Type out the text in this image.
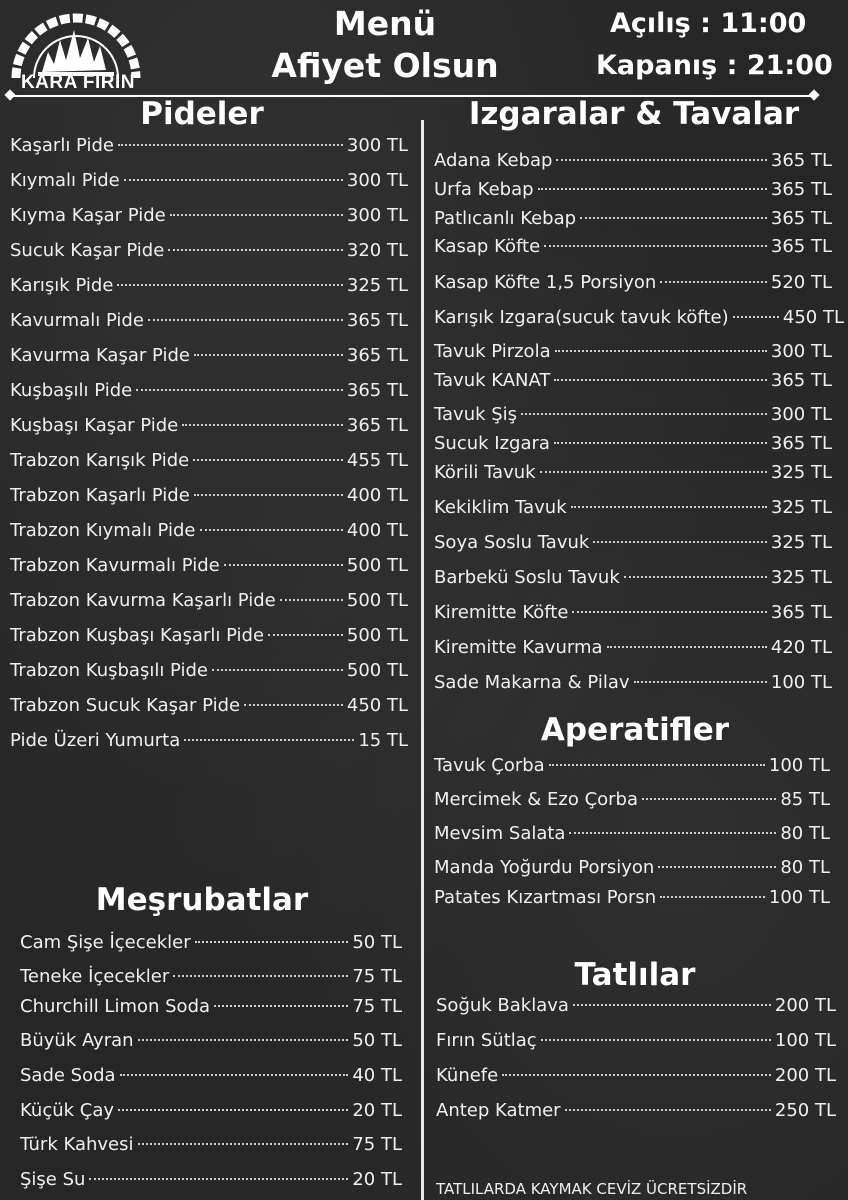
KARA FIRIN
Menü
Afiyet Olsun
Açılış : 11:00
Kapanış : 21:00
Pideler	Izgaralar & Tavalar
Aperatifler
Meşrubatlar
Tatlılar
TATLILARDA KAYMAK CEVİZ ÜCRETSİZDİR
Kaşarlı Pide	300 TL
Kıymalı Pide	300 TL
Kıyma Kaşar Pide	300 TL
Sucuk Kaşar Pide	320 TL
Karışık Pide	325 TL
Kavurmalı Pide	365 TL
Kavurma Kaşar Pide	365 TL
Kuşbaşılı Pide	365 TL
Kuşbaşı Kaşar Pide	365 TL
Trabzon Karışık Pide	455 TL
Trabzon Kaşarlı Pide	400 TL
Trabzon Kıymalı Pide	400 TL
Trabzon Kavurmalı Pide	500 TL
Trabzon Kavurma Kaşarlı Pide	500 TL
Trabzon Kuşbaşı Kaşarlı Pide	500 TL
Trabzon Kuşbaşılı Pide	500 TL
Trabzon Sucuk Kaşar Pide	450 TL
Pide Üzeri Yumurta	15 TL
Adana Kebap	365 TL
Urfa Kebap	365 TL
Patlıcanlı Kebap	365 TL
Kasap Köfte	365 TL
Kasap Köfte 1,5 Porsiyon	520 TL
Karışık Izgara(sucuk tavuk köfte)	450 TL
Tavuk Pirzola	300 TL
Tavuk KANAT	365 TL
Tavuk Şiş	300 TL
Sucuk Izgara	365 TL
Körili Tavuk	325 TL
Kekiklim Tavuk	325 TL
Soya Soslu Tavuk	325 TL
Barbekü Soslu Tavuk	325 TL
Kiremitte Köfte	365 TL
Kiremitte Kavurma	420 TL
Sade Makarna & Pilav	100 TL
Tavuk Çorba	100 TL
Mercimek & Ezo Çorba	85 TL
Mevsim Salata	80 TL
Manda Yoğurdu Porsiyon	80 TL
Patates Kızartması Porsn	100 TL
Cam Şişe İçecekler	50 TL
Teneke İçecekler	75 TL
Churchill Limon Soda	75 TL
Büyük Ayran	50 TL
Sade Soda	40 TL
Küçük Çay	20 TL
Türk Kahvesi	75 TL
Şişe Su	20 TL
Soğuk Baklava	200 TL
Fırın Sütlaç	100 TL
Künefe	200 TL
Antep Katmer	250 TL
